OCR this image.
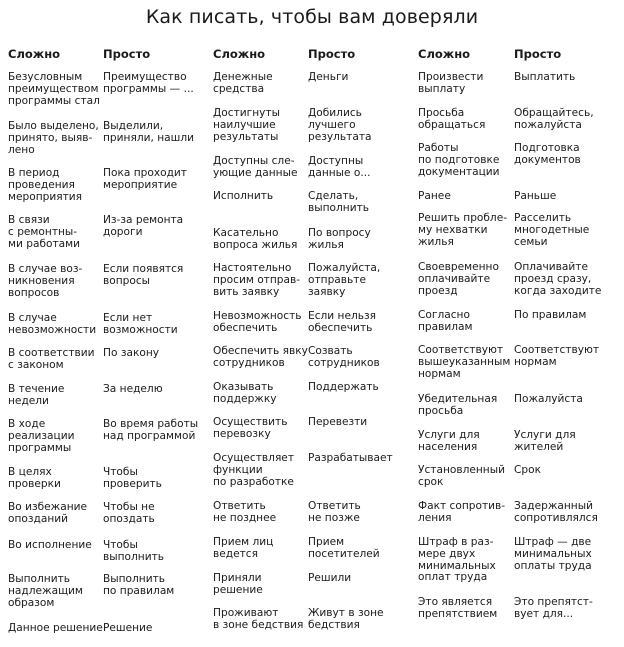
Как писать, чтобы вам доверяли
Сложно
Безусловным
преимуществом
программы стал
Было выделено,
принято, выяв-
лено
В период
проведения
мероприятия
В связи
с ремонтны-
ми работами
В случае воз-
никновения
вопросов
В случае
невозможности
В соответствии
с законом
В течение
недели
В ходе
реализации
программы
В целях
проверки
Во избежание
опозданий
Во исполнение
Выполнить
надлежащим
образом
Данное решение
Просто
Преимущество
программы — ...
Выделили,
приняли, нашли
Пока проходит
мероприятие
Из-за ремонта
дороги
Если появятся
вопросы
Если нет
возможности
По закону
За неделю
Во время работы
над программой
Чтобы
проверить
Чтобы не
опоздать
Чтобы
выполнить
Выполнить
по правилам
Решение
Сложно
Денежные
средства
Достигнуты
наилучшие
результаты
Доступны сле-
ующие данные
Исполнить
Касательно
вопроса жилья
Настоятельно
просим отправ-
вить заявку
Невозможность
обеспечить
Обеспечить явку
сотрудников
Оказывать
поддержку
Осуществить
перевозку
Осуществляет
функции
по разработке
Ответить
не позднее
Прием лиц
ведется
Приняли
решение
Проживают
в зоне бедствия
Просто
Деньги
Добились
лучшего
результата
Доступны
данные о...
Сделать,
выполнить
По вопросу
жилья
Пожалуйста,
отправьте
заявку
Если нельзя
обеспечить
Созвать
сотрудников
Поддержать
Перевезти
Разрабатывает
Ответить
не позже
Прием
посетителей
Решили
Живут в зоне
бедствия
Сложно
Произвести
выплату
Просьба
обращаться
Работы
по подготовке
документации
Ранее
Решить пробле-
му нехватки
жилья
Своевременно
оплачивайте
проезд
Согласно
правилам
Соответствуют
вышеуказанным
нормам
Убедительная
просьба
Услуги для
населения
Установленный
срок
Факт сопротив-
ления
Штраф в раз-
мере двух
минимальных
оплат труда
Это является
препятствием
Просто
Выплатить
Обращайтесь,
пожалуйста
Подготовка
документов
Раньше
Расселить
многодетные
семьи
Оплачивайте
проезд сразу,
когда заходите
По правилам
Соответствуют
нормам
Пожалуйста
Услуги для
жителей
Срок
Задержанный
сопротивлялся
Штраф — две
минимальных
оплаты труда
Это препятст-
вует для...
